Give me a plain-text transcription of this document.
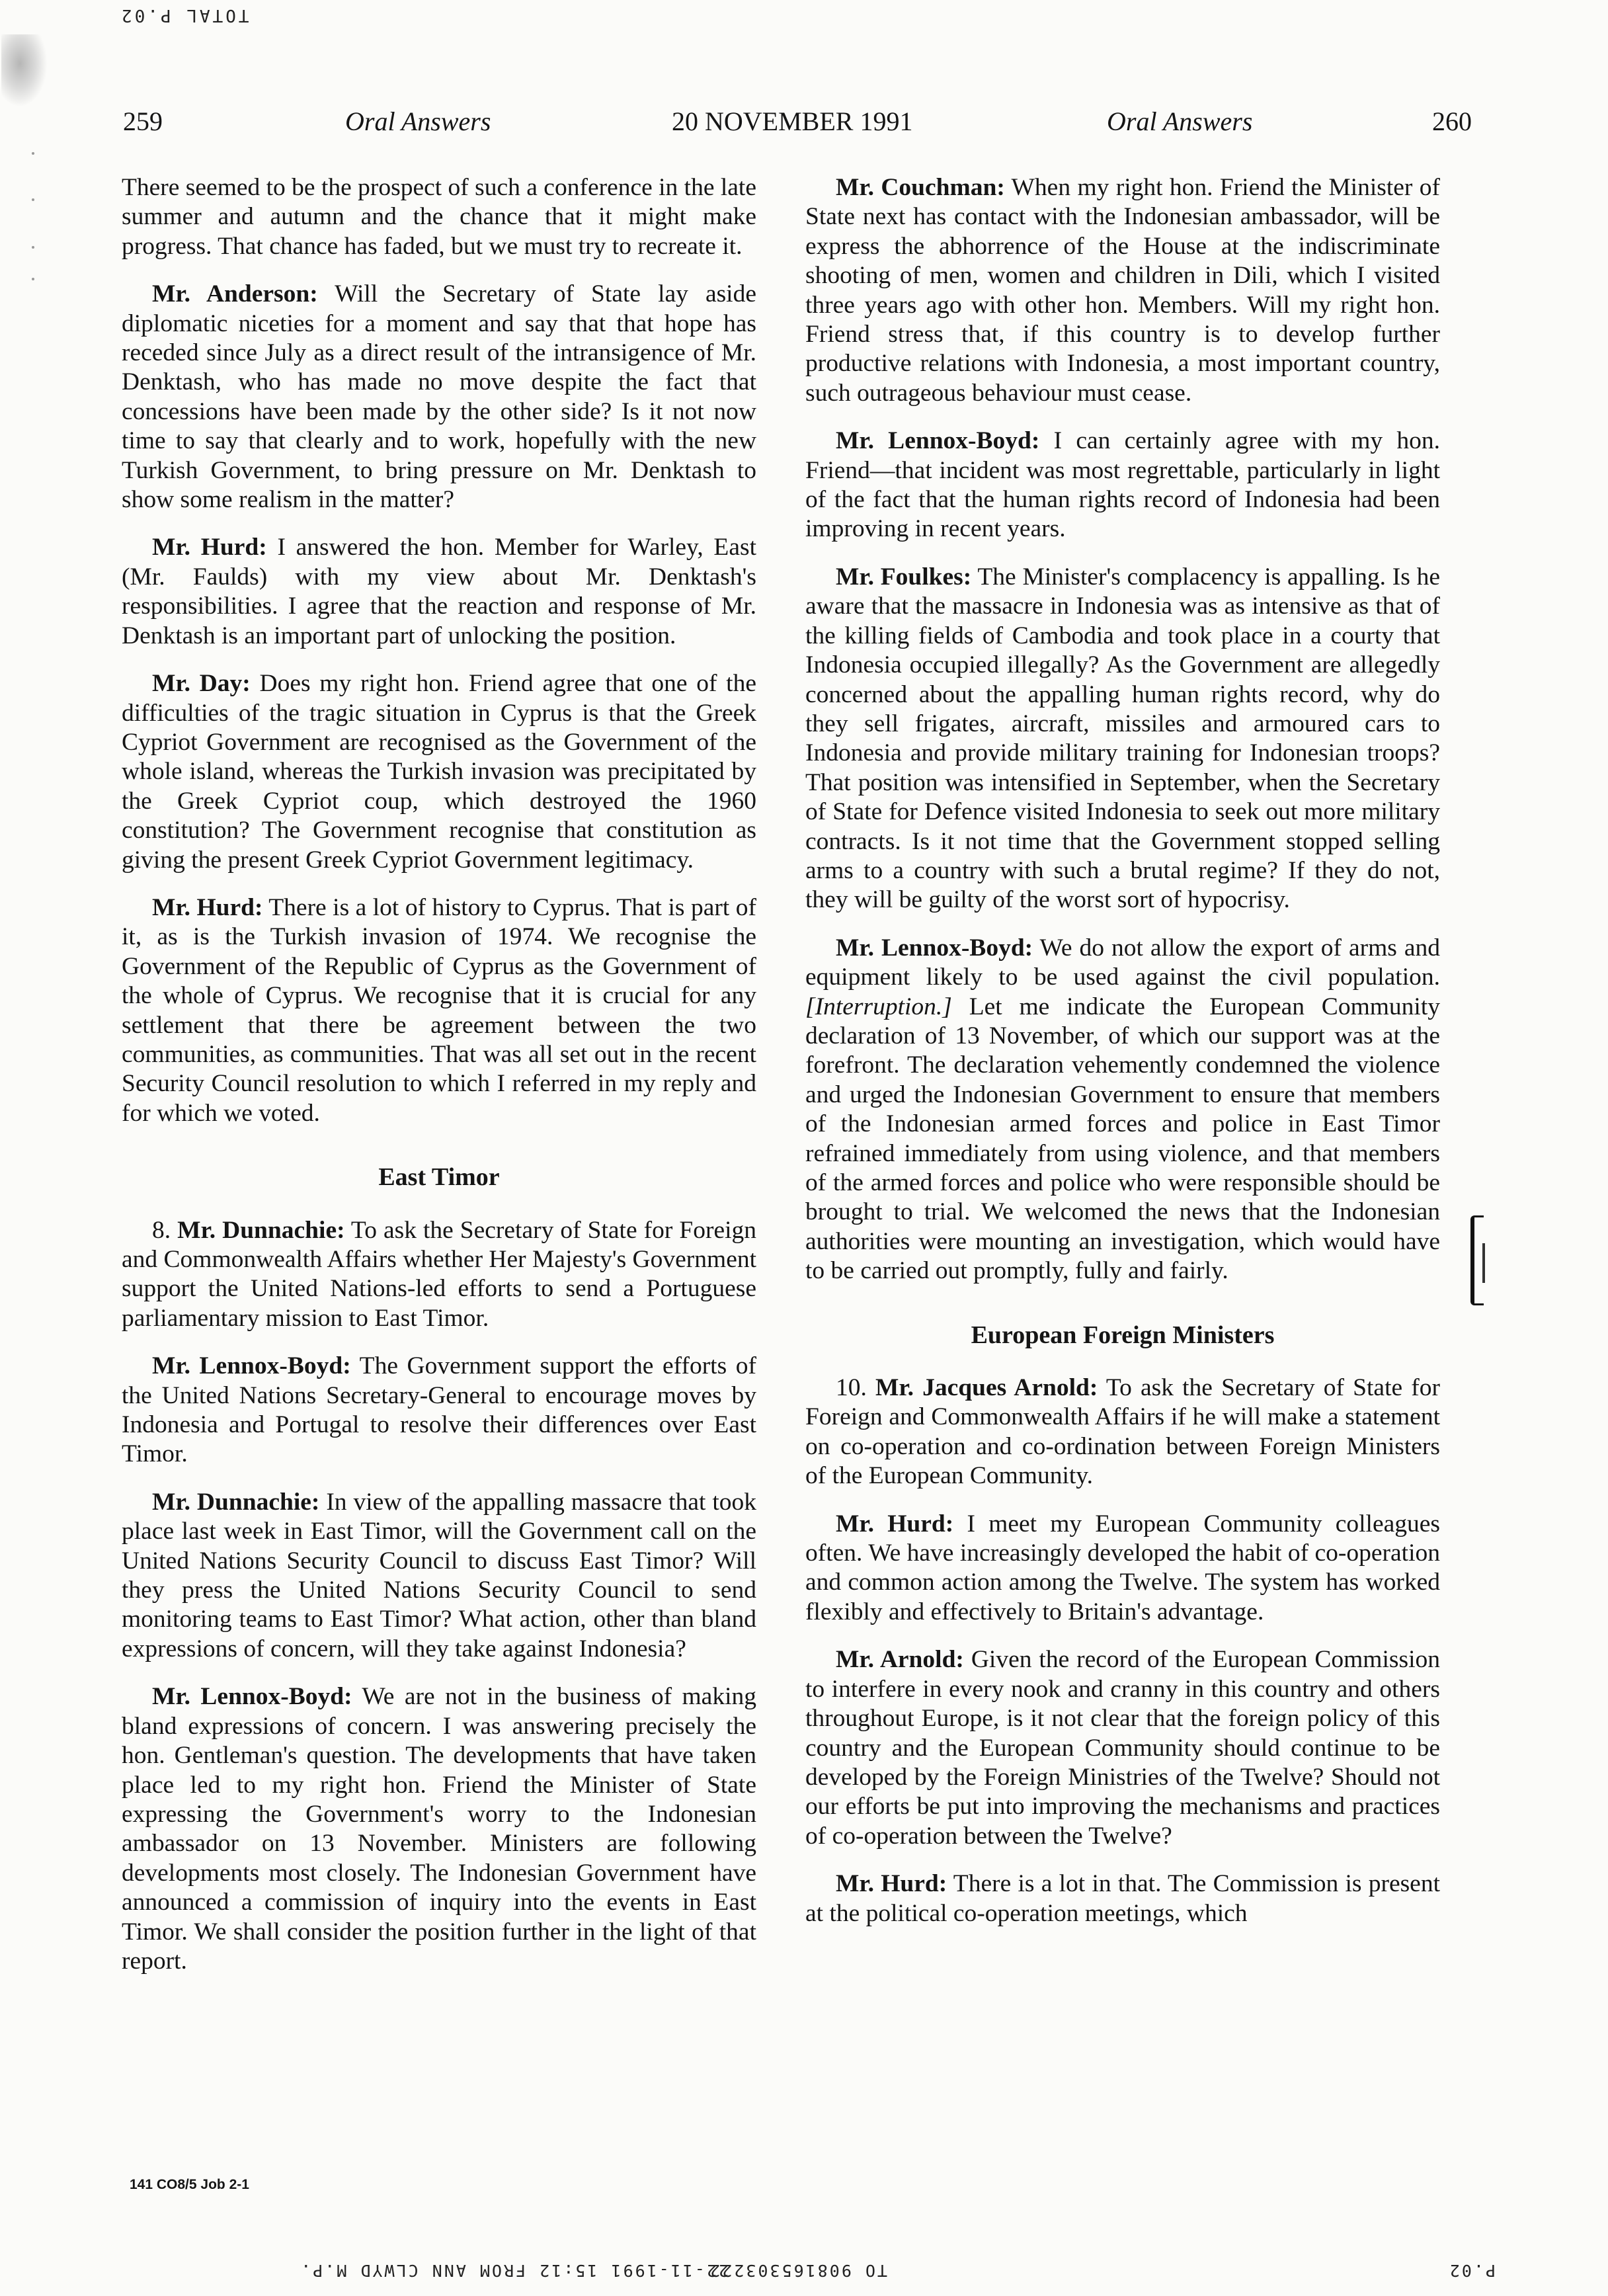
TOTAL P.02
259	Oral Answers	20 NOVEMBER 1991	Oral Answers	260

There seemed to be the prospect of such a conference in the late summer and autumn and the chance that it might make progress. That chance has faded, but we must try to recreate it.

Mr. Anderson: Will the Secretary of State lay aside diplomatic niceties for a moment and say that that hope has receded since July as a direct result of the intransigence of Mr. Denktash, who has made no move despite the fact that concessions have been made by the other side? Is it not now time to say that clearly and to work, hopefully with the new Turkish Government, to bring pressure on Mr. Denktash to show some realism in the matter?

Mr. Hurd: I answered the hon. Member for Warley, East (Mr. Faulds) with my view about Mr. Denktash's responsibilities. I agree that the reaction and response of Mr. Denktash is an important part of unlocking the position.

Mr. Day: Does my right hon. Friend agree that one of the difficulties of the tragic situation in Cyprus is that the Greek Cypriot Government are recognised as the Government of the whole island, whereas the Turkish invasion was precipitated by the Greek Cypriot coup, which destroyed the 1960 constitution? The Government recognise that constitution as giving the present Greek Cypriot Government legitimacy.

Mr. Hurd: There is a lot of history to Cyprus. That is part of it, as is the Turkish invasion of 1974. We recognise the Government of the Republic of Cyprus as the Government of the whole of Cyprus. We recognise that it is crucial for any settlement that there be agreement between the two communities, as communities. That was all set out in the recent Security Council resolution to which I referred in my reply and for which we voted.

East Timor

8. Mr. Dunnachie: To ask the Secretary of State for Foreign and Commonwealth Affairs whether Her Majesty's Government support the United Nations-led efforts to send a Portuguese parliamentary mission to East Timor.

Mr. Lennox-Boyd: The Government support the efforts of the United Nations Secretary-General to encourage moves by Indonesia and Portugal to resolve their differences over East Timor.

Mr. Dunnachie: In view of the appalling massacre that took place last week in East Timor, will the Government call on the United Nations Security Council to discuss East Timor? Will they press the United Nations Security Council to send monitoring teams to East Timor? What action, other than bland expressions of concern, will they take against Indonesia?

Mr. Lennox-Boyd: We are not in the business of making bland expressions of concern. I was answering precisely the hon. Gentleman's question. The developments that have taken place led to my right hon. Friend the Minister of State expressing the Government's worry to the Indonesian ambassador on 13 November. Ministers are following developments most closely. The Indonesian Government have announced a commission of inquiry into the events in East Timor. We shall consider the position further in the light of that report.

Mr. Couchman: When my right hon. Friend the Minister of State next has contact with the Indonesian ambassador, will be express the abhorrence of the House at the indiscriminate shooting of men, women and children in Dili, which I visited three years ago with other hon. Members. Will my right hon. Friend stress that, if this country is to develop further productive relations with Indonesia, a most important country, such outrageous behaviour must cease.

Mr. Lennox-Boyd: I can certainly agree with my hon. Friend—that incident was most regrettable, particularly in light of the fact that the human rights record of Indonesia had been improving in recent years.

Mr. Foulkes: The Minister's complacency is appalling. Is he aware that the massacre in Indonesia was as intensive as that of the killing fields of Cambodia and took place in a courty that Indonesia occupied illegally? As the Government are allegedly concerned about the appalling human rights record, why do they sell frigates, aircraft, missiles and armoured cars to Indonesia and provide military training for Indonesian troops? That position was intensified in September, when the Secretary of State for Defence visited Indonesia to seek out more military contracts. Is it not time that the Government stopped selling arms to a country with such a brutal regime? If they do not, they will be guilty of the worst sort of hypocrisy.

Mr. Lennox-Boyd: We do not allow the export of arms and equipment likely to be used against the civil population. [Interruption.] Let me indicate the European Community declaration of 13 November, of which our support was at the forefront. The declaration vehemently condemned the violence and urged the Indonesian Government to ensure that members of the Indonesian armed forces and police in East Timor refrained immediately from using violence, and that members of the armed forces and police who were responsible should be brought to trial. We welcomed the news that the Indonesian authorities were mounting an investigation, which would have to be carried out promptly, fully and fairly.

European Foreign Ministers

10. Mr. Jacques Arnold: To ask the Secretary of State for Foreign and Commonwealth Affairs if he will make a statement on co-operation and co-ordination between Foreign Ministers of the European Community.

Mr. Hurd: I meet my European Community colleagues often. We have increasingly developed the habit of co-operation and common action among the Twelve. The system has worked flexibly and effectively to Britain's advantage.

Mr. Arnold: Given the record of the European Commission to interfere in every nook and cranny in this country and others throughout Europe, is it not clear that the foreign policy of this country and the European Community should continue to be developed by the Foreign Ministries of the Twelve? Should not our efforts be put into improving the mechanisms and practices of co-operation between the Twelve?

Mr. Hurd: There is a lot in that. The Commission is present at the political co-operation meetings, which

141 CO8/5 Job 2-1
P.02
TO 908165303222
22-11-1991 15:12 FROM ANN CLWYD M.P.
